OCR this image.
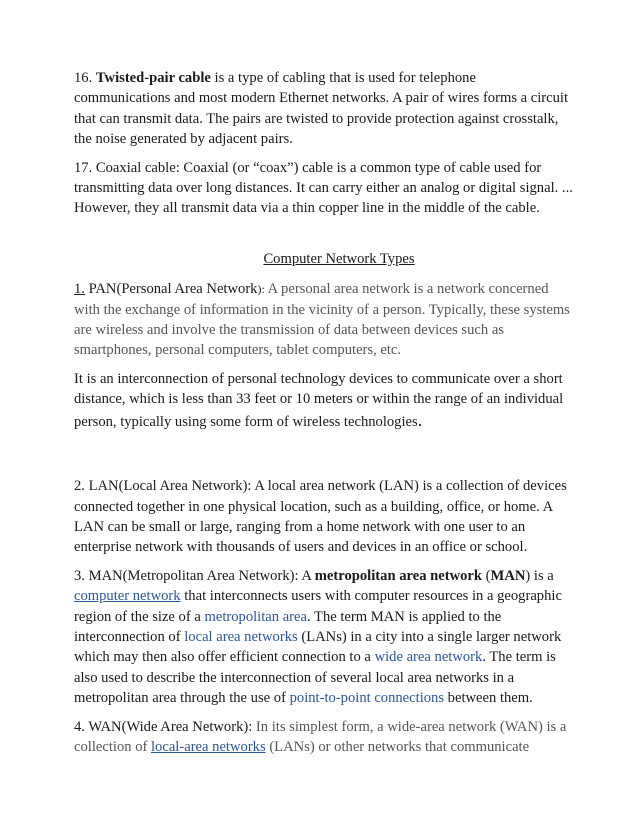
16. Twisted-pair cable is a type of cabling that is used for telephone communications and most modern Ethernet networks. A pair of wires forms a circuit that can transmit data. The pairs are twisted to provide protection against crosstalk, the noise generated by adjacent pairs.

17. Coaxial cable: Coaxial (or “coax”) cable is a common type of cable used for transmitting data over long distances. It can carry either an analog or digital signal. ... However, they all transmit data via a thin copper line in the middle of the cable.

Computer Network Types

1. PAN(Personal Area Network): A personal area network is a network concerned with the exchange of information in the vicinity of a person. Typically, these systems are wireless and involve the transmission of data between devices such as smartphones, personal computers, tablet computers, etc.

It is an interconnection of personal technology devices to communicate over a short distance, which is less than 33 feet or 10 meters or within the range of an individual person, typically using some form of wireless technologies.

2. LAN(Local Area Network): A local area network (LAN) is a collection of devices connected together in one physical location, such as a building, office, or home. A LAN can be small or large, ranging from a home network with one user to an enterprise network with thousands of users and devices in an office or school.

3. MAN(Metropolitan Area Network): A metropolitan area network (MAN) is a computer network that interconnects users with computer resources in a geographic region of the size of a metropolitan area. The term MAN is applied to the interconnection of local area networks (LANs) in a city into a single larger network which may then also offer efficient connection to a wide area network. The term is also used to describe the interconnection of several local area networks in a metropolitan area through the use of point-to-point connections between them.

4. WAN(Wide Area Network): In its simplest form, a wide-area network (WAN) is a collection of local-area networks (LANs) or other networks that communicate
